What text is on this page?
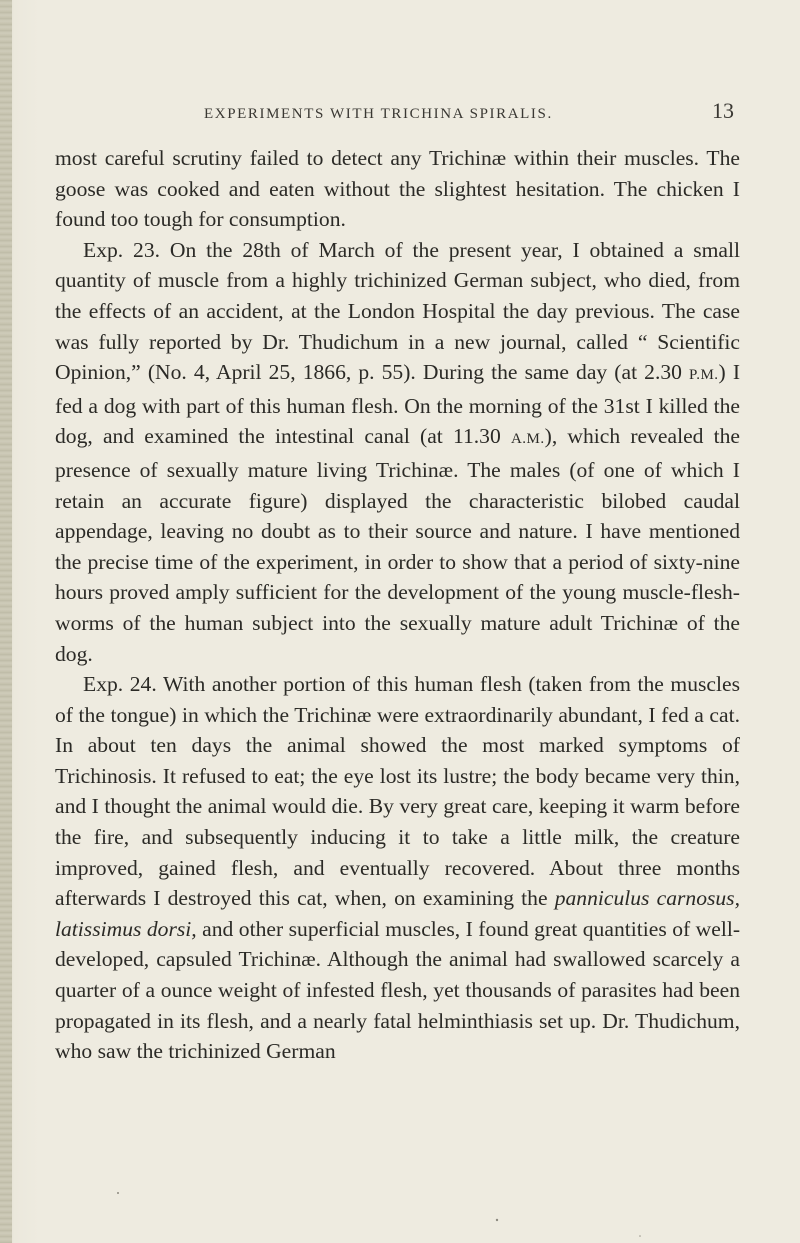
EXPERIMENTS WITH TRICHINA SPIRALIS.	13

most careful scrutiny failed to detect any Trichinæ within their muscles. The goose was cooked and eaten without the slightest hesitation. The chicken I found too tough for consumption.

Exp. 23. On the 28th of March of the present year, I obtained a small quantity of muscle from a highly trichinized German subject, who died, from the effects of an accident, at the London Hospital the day previous. The case was fully reported by Dr. Thudichum in a new journal, called “ Scientific Opinion,” (No. 4, April 25, 1866, p. 55). During the same day (at 2.30 P.M.) I fed a dog with part of this human flesh. On the morning of the 31st I killed the dog, and examined the intestinal canal (at 11.30 A.M.), which revealed the presence of sexually mature living Trichinæ. The males (of one of which I retain an accurate figure) displayed the characteristic bilobed caudal appendage, leaving no doubt as to their source and nature. I have mentioned the precise time of the experiment, in order to show that a period of sixty-nine hours proved amply sufficient for the development of the young muscle-flesh-worms of the human subject into the sexually mature adult Trichinæ of the dog.

Exp. 24. With another portion of this human flesh (taken from the muscles of the tongue) in which the Trichinæ were extraordinarily abundant, I fed a cat. In about ten days the animal showed the most marked symptoms of Trichinosis. It refused to eat; the eye lost its lustre; the body became very thin, and I thought the animal would die. By very great care, keeping it warm before the fire, and subsequently inducing it to take a little milk, the creature improved, gained flesh, and eventually recovered. About three months afterwards I destroyed this cat, when, on examining the panniculus carnosus, latissimus dorsi, and other superficial muscles, I found great quantities of well-developed, capsuled Trichinæ. Although the animal had swallowed scarcely a quarter of a ounce weight of infested flesh, yet thousands of parasites had been propagated in its flesh, and a nearly fatal helminthiasis set up. Dr. Thudichum, who saw the trichinized German
